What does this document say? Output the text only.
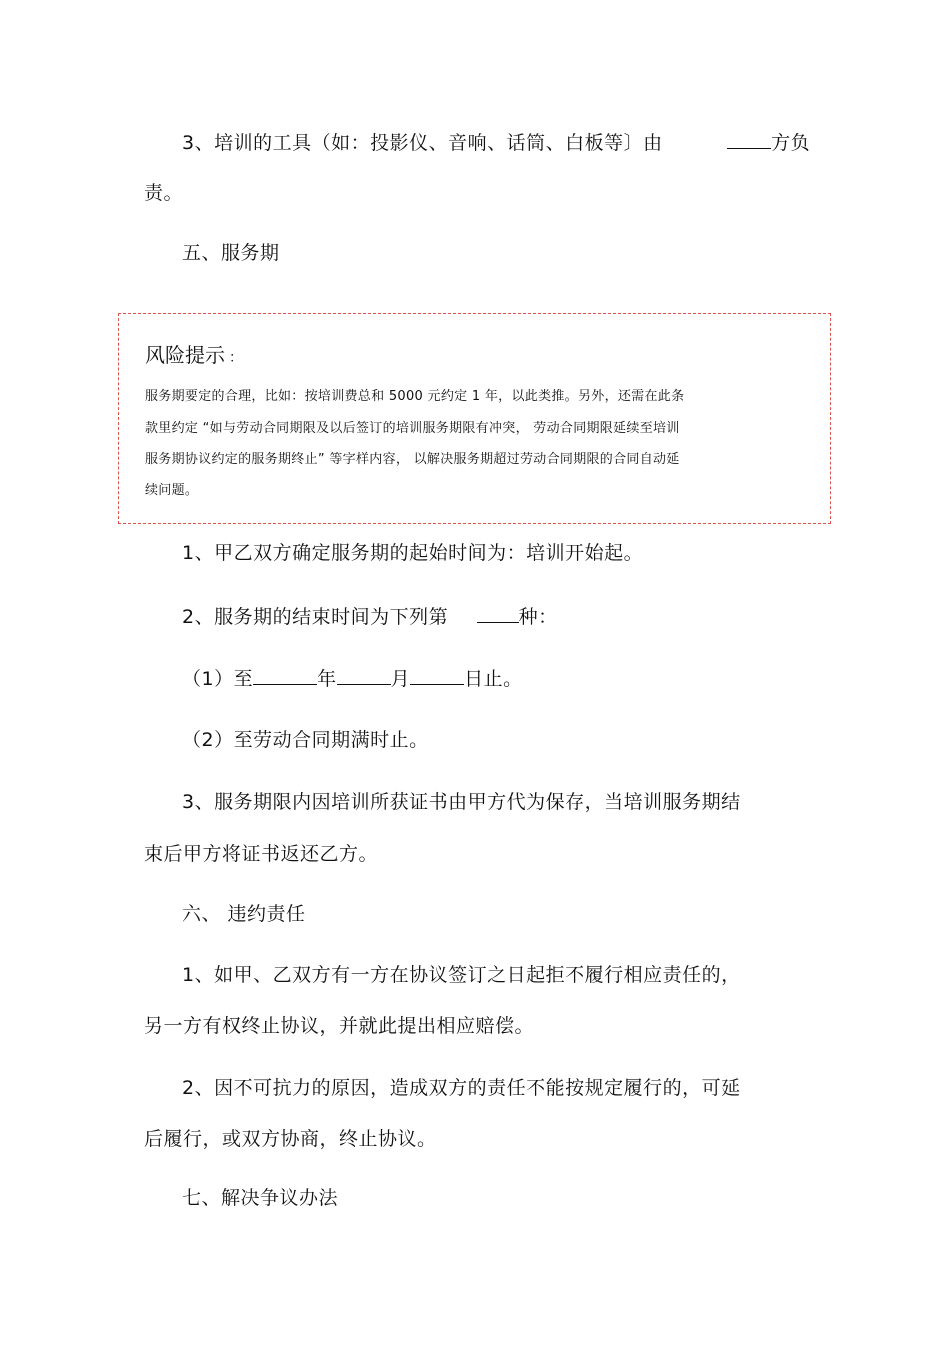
3、培训的工具（如：投影仪、音响、话筒、白板等〕由	方负
责。
五、服务期
风险提示 ：
服务期要定的合理，比如：按培训费总和 5000 元约定 1 年，以此类推。另外，还需在此条
款里约定 “如与劳动合同期限及以后签订的培训服务期限有冲突， 劳动合同期限延续至培训
服务期协议约定的服务期终止” 等字样内容， 以解决服务期超过劳动合同期限的合同自动延
续问题。
1、甲乙双方确定服务期的起始时间为：培训开始起。
2、服务期的结束时间为下列第	种：
（1）至	年	月	日止。
（2）至劳动合同期满时止。
3、服务期限内因培训所获证书由甲方代为保存，当培训服务期结
束后甲方将证书返还乙方。
六、 违约责任
1、如甲、乙双方有一方在协议签订之日起拒不履行相应责任的，
另一方有权终止协议，并就此提出相应赔偿。
2、因不可抗力的原因，造成双方的责任不能按规定履行的，可延
后履行，或双方协商，终止协议。
七、解决争议办法
